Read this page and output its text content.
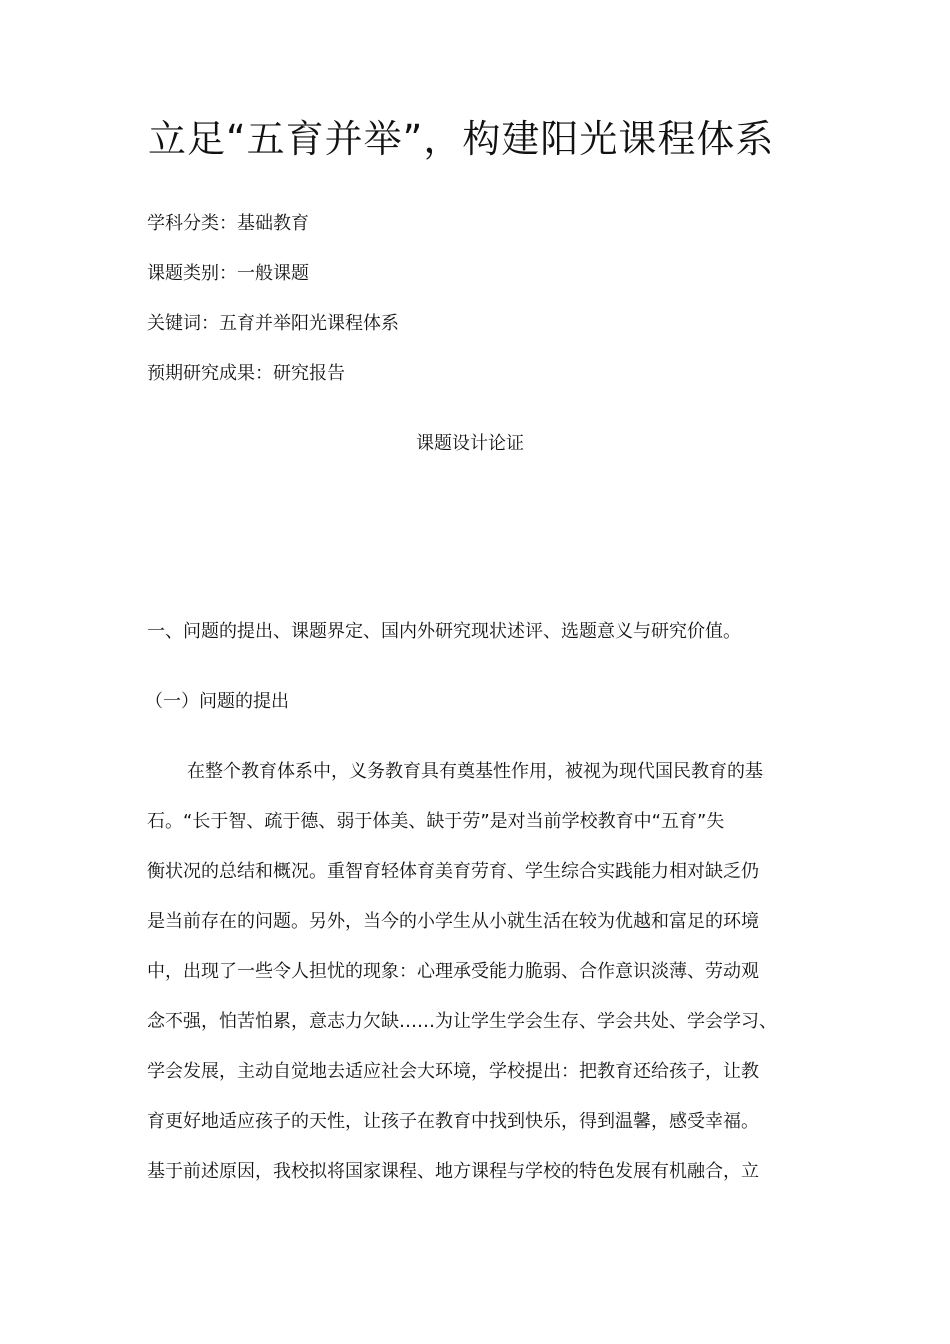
立足“五育并举”，构建阳光课程体系
学科分类：基础教育
课题类别：一般课题
关键词：五育并举阳光课程体系
预期研究成果：研究报告
课题设计论证
一、问题的提出、课题界定、国内外研究现状述评、选题意义与研究价值。
（一）问题的提出
在整个教育体系中，义务教育具有奠基性作用，被视为现代国民教育的基
石。“长于智、疏于德、弱于体美、缺于劳”是对当前学校教育中“五育”失
衡状况的总结和概况。重智育轻体育美育劳育、学生综合实践能力相对缺乏仍
是当前存在的问题。另外，当今的小学生从小就生活在较为优越和富足的环境
中，出现了一些令人担忧的现象：心理承受能力脆弱、合作意识淡薄、劳动观
念不强，怕苦怕累，意志力欠缺……为让学生学会生存、学会共处、学会学习、
学会发展，主动自觉地去适应社会大环境，学校提出：把教育还给孩子，让教
育更好地适应孩子的天性，让孩子在教育中找到快乐，得到温馨，感受幸福。
基于前述原因，我校拟将国家课程、地方课程与学校的特色发展有机融合，立
